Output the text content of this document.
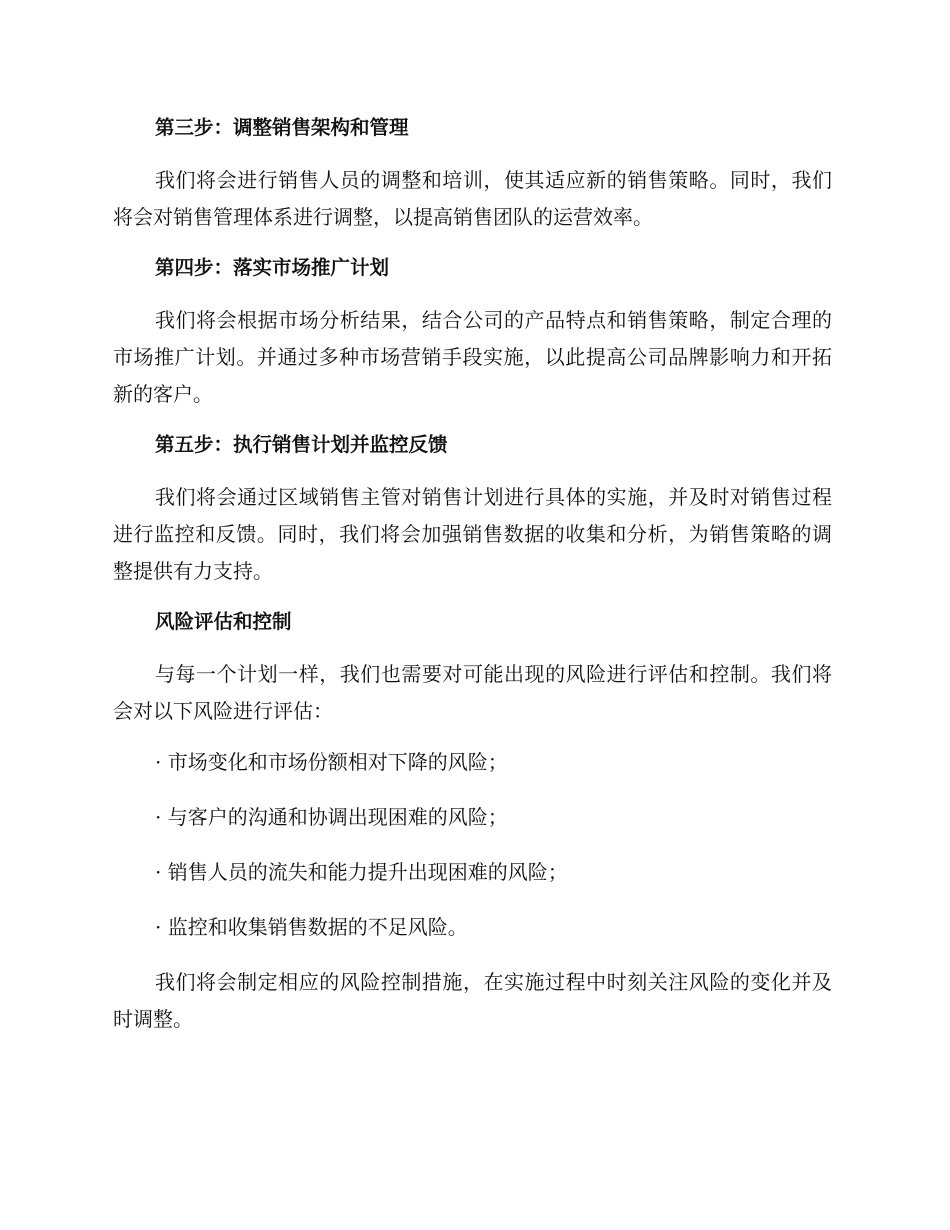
第三步：调整销售架构和管理
我们将会进行销售人员的调整和培训，使其适应新的销售策略。同时，我们将会对销售管理体系进行调整，以提高销售团队的运营效率。
第四步：落实市场推广计划
我们将会根据市场分析结果，结合公司的产品特点和销售策略，制定合理的市场推广计划。并通过多种市场营销手段实施，以此提高公司品牌影响力和开拓新的客户。
第五步：执行销售计划并监控反馈
我们将会通过区域销售主管对销售计划进行具体的实施，并及时对销售过程进行监控和反馈。同时，我们将会加强销售数据的收集和分析，为销售策略的调整提供有力支持。
风险评估和控制
与每一个计划一样，我们也需要对可能出现的风险进行评估和控制。我们将会对以下风险进行评估：
· 市场变化和市场份额相对下降的风险；
· 与客户的沟通和协调出现困难的风险；
· 销售人员的流失和能力提升出现困难的风险；
· 监控和收集销售数据的不足风险。
我们将会制定相应的风险控制措施，在实施过程中时刻关注风险的变化并及时调整。
